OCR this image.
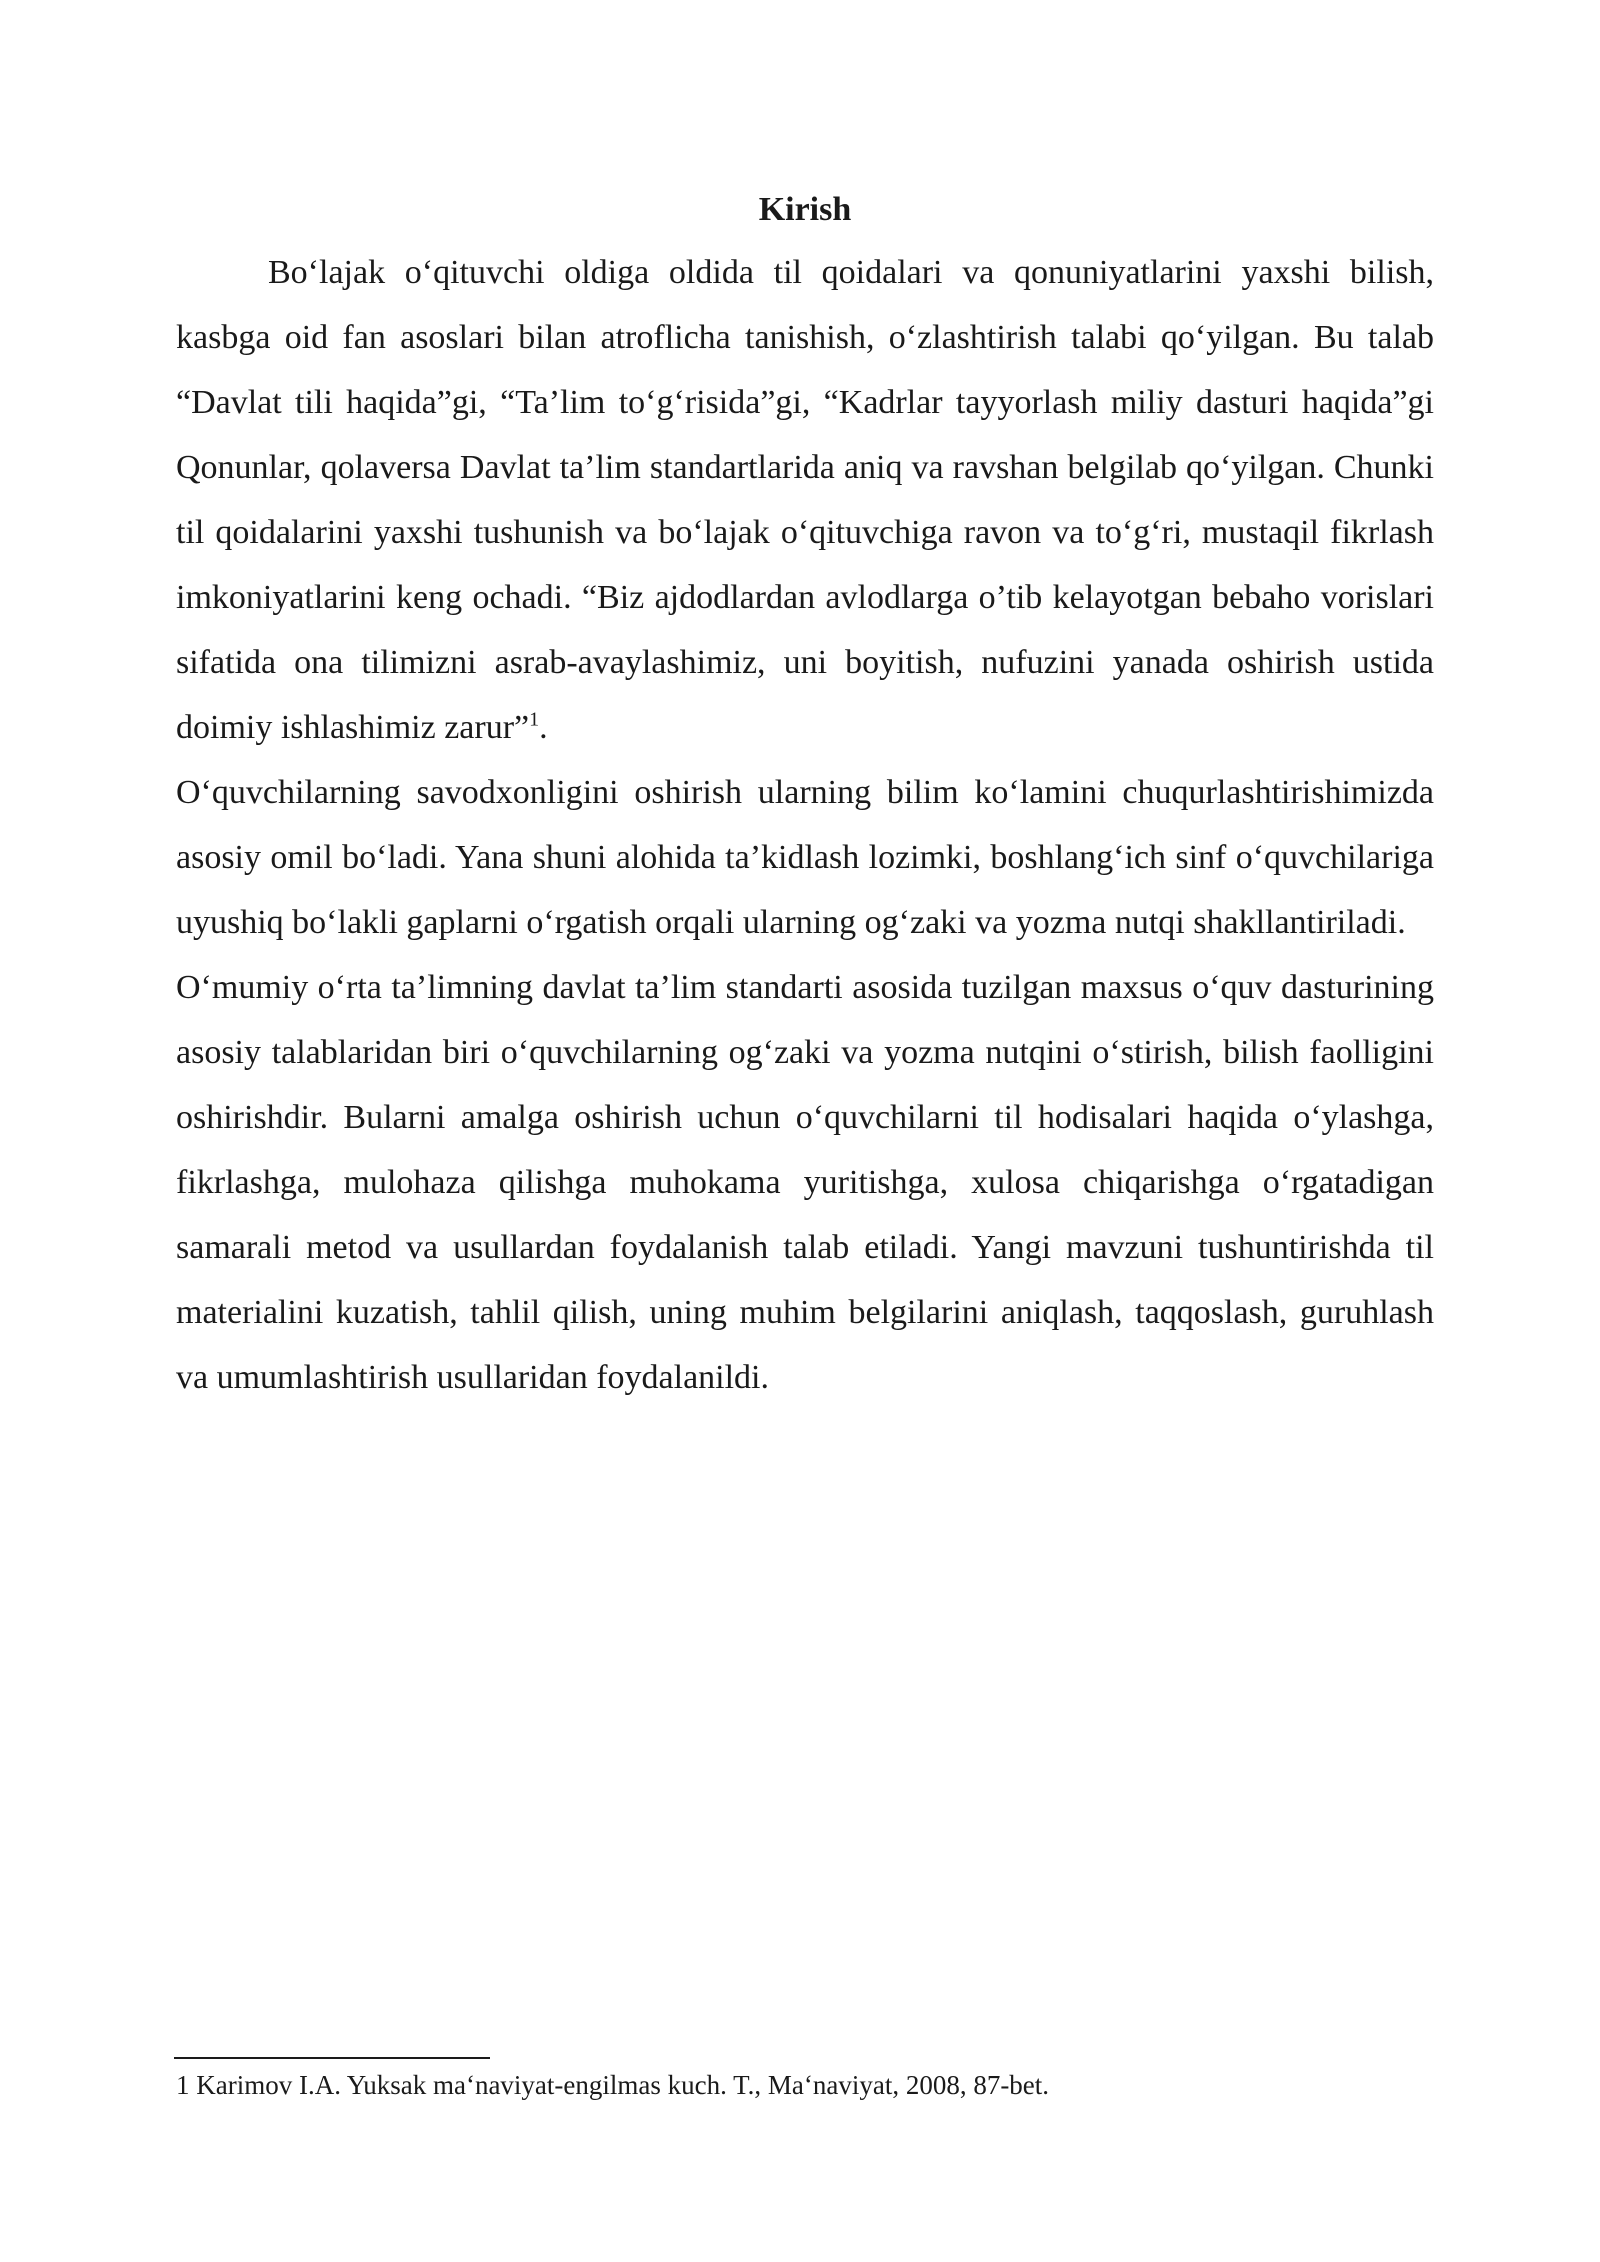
Kirish

Bo‘lajak o‘qituvchi oldiga oldida til qoidalari va qonuniyatlarini yaxshi bilish, kasbga oid fan asoslari bilan atroflicha tanishish, o‘zlashtirish talabi qo‘yilgan. Bu talab “Davlat tili haqida”gi, “Ta’lim to‘g‘risida”gi, “Kadrlar tayyorlash miliy dasturi haqida”gi Qonunlar, qolaversa Davlat ta’lim standartlarida aniq va ravshan belgilab qo‘yilgan. Chunki til qoidalarini yaxshi tushunish va bo‘lajak o‘qituvchiga ravon va to‘g‘ri, mustaqil fikrlash imkoniyatlarini keng ochadi. “Biz ajdodlardan avlodlarga o’tib kelayotgan bebaho vorislari sifatida ona tilimizni asrab-avaylashimiz, uni boyitish, nufuzini yanada oshirish ustida doimiy ishlashimiz zarur”$^1$.

O‘quvchilarning savodxonligini oshirish ularning bilim ko‘lamini chuqurlashtirishimizda asosiy omil bo‘ladi. Yana shuni alohida ta’kidlash lozimki, boshlang‘ich sinf o‘quvchilariga uyushiq bo‘lakli gaplarni o‘rgatish orqali ularning og‘zaki va yozma nutqi shakllantiriladi.

O‘mumiy o‘rta ta’limning davlat ta’lim standarti asosida tuzilgan maxsus o‘quv dasturining asosiy talablaridan biri o‘quvchilarning og‘zaki va yozma nutqini o‘stirish, bilish faolligini oshirishdir. Bularni amalga oshirish uchun o‘quvchilarni til hodisalari haqida o‘ylashga, fikrlashga, mulohaza qilishga muhokama yuritishga, xulosa chiqarishga o‘rgatadigan samarali metod va usullardan foydalanish talab etiladi. Yangi mavzuni tushuntirishda til materialini kuzatish, tahlil qilish, uning muhim belgilarini aniqlash, taqqoslash, guruhlash va umumlashtirish usullaridan foydalanildi.

1 Karimov I.A. Yuksak ma‘naviyat-engilmas kuch. T., Ma‘naviyat, 2008, 87-bet.
